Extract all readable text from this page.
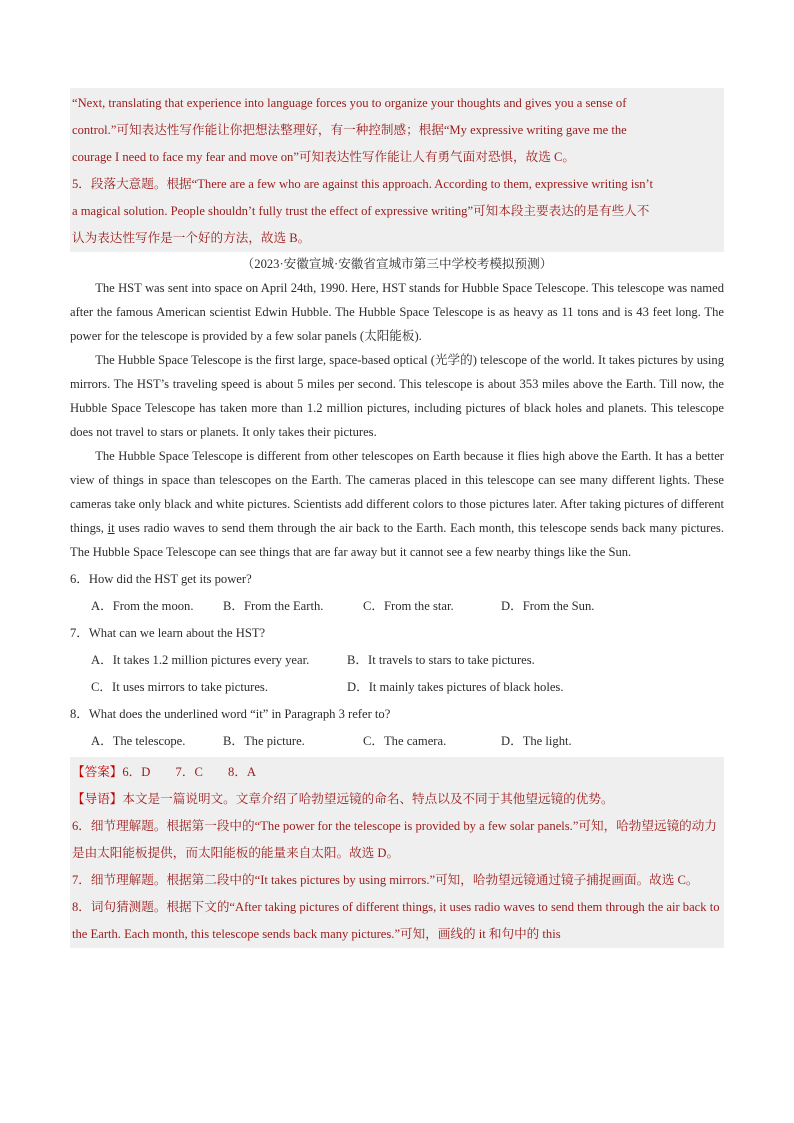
“Next, translating that experience into language forces you to organize your thoughts and gives you a sense of

control.”可知表达性写作能让你把想法整理好，有一种控制感；根据“My expressive writing gave me the

courage I need to face my fear and move on”可知表达性写作能让人有勇气面对恐惧，故选 C。

5．段落大意题。根据“There are a few who are against this approach. According to them, expressive writing isn’t

a magical solution. People shouldn’t fully trust the effect of expressive writing”可知本段主要表达的是有些人不

认为表达性写作是一个好的方法，故选 B。

（2023·安徽宣城·安徽省宣城市第三中学校考模拟预测）

The HST was sent into space on April 24th, 1990. Here, HST stands for Hubble Space Telescope. This telescope was named after the famous American scientist Edwin Hubble. The Hubble Space Telescope is as heavy as 11 tons and is 43 feet long. The power for the telescope is provided by a few solar panels (太阳能板).

The Hubble Space Telescope is the first large, space-based optical (光学的) telescope of the world. It takes pictures by using mirrors. The HST’s traveling speed is about 5 miles per second. This telescope is about 353 miles above the Earth. Till now, the Hubble Space Telescope has taken more than 1.2 million pictures, including pictures of black holes and planets. This telescope does not travel to stars or planets. It only takes their pictures.

The Hubble Space Telescope is different from other telescopes on Earth because it flies high above the Earth. It has a better view of things in space than telescopes on the Earth. The cameras placed in this telescope can see many different lights. These cameras take only black and white pictures. Scientists add different colors to those pictures later. After taking pictures of different things, it uses radio waves to send them through the air back to the Earth. Each month, this telescope sends back many pictures. The Hubble Space Telescope can see things that are far away but it cannot see a few nearby things like the Sun.

6．How did the HST get its power?

A．From the moon.	B．From the Earth.	C．From the star.	D．From the Sun.

7．What can we learn about the HST?

A．It takes 1.2 million pictures every year.	B．It travels to stars to take pictures.
C．It uses mirrors to take pictures.	D．It mainly takes pictures of black holes.

8．What does the underlined word “it” in Paragraph 3 refer to?

A．The telescope.	B．The picture.	C．The camera.	D．The light.

【答案】6．D　　7．C　　8．A

【导语】本文是一篇说明文。文章介绍了哈勃望远镜的命名、特点以及不同于其他望远镜的优势。

6．细节理解题。根据第一段中的“The power for the telescope is provided by a few solar panels.”可知，哈勃望远镜的动力是由太阳能板提供，而太阳能板的能量来自太阳。故选 D。

7．细节理解题。根据第二段中的“It takes pictures by using mirrors.”可知，哈勃望远镜通过镜子捕捉画面。故选 C。

8．词句猜测题。根据下文的“After taking pictures of different things, it uses radio waves to send them through the air back to the Earth. Each month, this telescope sends back many pictures.”可知，画线的 it 和句中的 this
